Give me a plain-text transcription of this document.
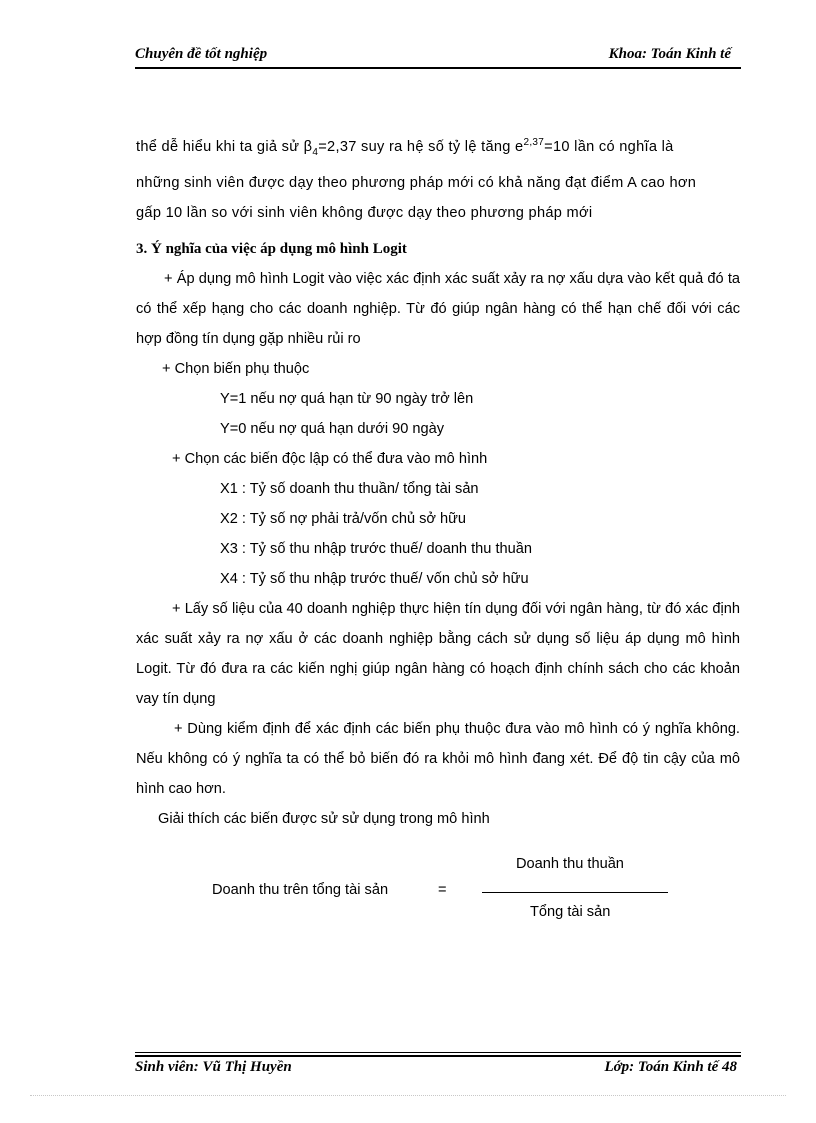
Chuyên đề tốt nghiệp	Khoa: Toán Kinh tế

thể dễ hiểu khi ta giả sử $\beta_4=2,37$ suy ra hệ số tỷ lệ tăng $e^{2,37}=10$ lần có nghĩa là
những sinh viên được dạy theo phương pháp mới có khả năng đạt điểm A cao hơn
gấp 10 lần so với sinh viên không được dạy theo phương pháp mới

3. Ý nghĩa của việc áp dụng mô hình Logit

+ Áp dụng mô hình Logit vào việc xác định xác suất xảy ra nợ xấu dựa vào kết quả đó ta có thể xếp hạng cho các doanh nghiệp. Từ đó giúp ngân hàng có thể hạn chế đối với các hợp đồng tín dụng gặp nhiều rủi ro

+ Chọn biến phụ thuộc

Y=1 nếu nợ quá hạn từ 90 ngày trở lên

Y=0 nếu nợ quá hạn dưới 90 ngày

+ Chọn các biến độc lập có thể đưa vào mô hình

X1 : Tỷ số doanh thu thuần/ tổng tài sản

X2 : Tỷ số nợ phải trả/vốn chủ sở hữu

X3 : Tỷ số thu nhập trước thuế/ doanh thu thuần

X4 : Tỷ số thu nhập trước thuế/ vốn chủ sở hữu

+ Lấy số liệu của 40 doanh nghiệp thực hiện tín dụng đối với ngân hàng, từ đó xác định xác suất xảy ra nợ xấu ở các doanh nghiệp bằng cách sử dụng số liệu áp dụng mô hình Logit. Từ đó đưa ra các kiến nghị giúp ngân hàng có hoạch định chính sách cho các khoản vay tín dụng

+ Dùng kiểm định để xác định các biến phụ thuộc đưa vào mô hình có ý nghĩa không. Nếu không có ý nghĩa ta có thể bỏ biến đó ra khỏi mô hình đang xét. Để độ tin cậy của mô hình cao hơn.

Giải thích các biến được sử sử dụng trong mô hình

Doanh thu trên tổng tài sản	=
Doanh thu thuần
Tổng tài sản
Sinh viên: Vũ Thị Huyền	Lớp: Toán Kinh tế 48
